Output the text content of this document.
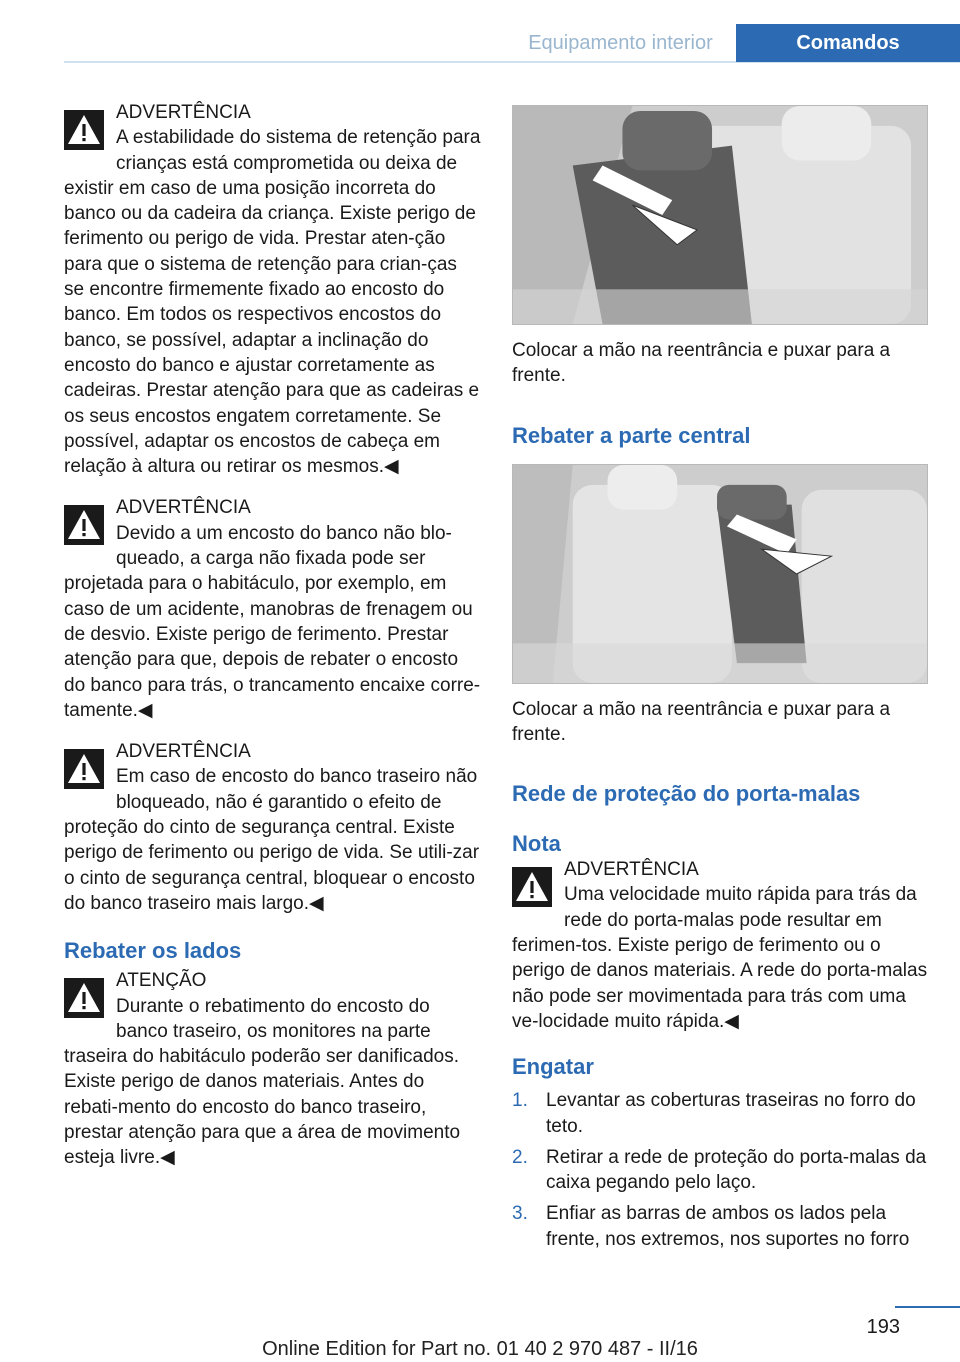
Equipamento interior	Comandos
ADVERTÊNCIA
A estabilidade do sistema de retenção para crianças está comprometida ou deixa de existir em caso de uma posição incorreta do banco ou da cadeira da criança. Existe perigo de ferimento ou perigo de vida. Prestar aten‐ção para que o sistema de retenção para crian‐ças se encontre firmemente fixado ao encosto do banco. Em todos os respectivos encostos do banco, se possível, adaptar a inclinação do encosto do banco e ajustar corretamente as cadeiras. Prestar atenção para que as cadeiras e os seus encostos engatem corretamente. Se possível, adaptar os encostos de cabeça em relação à altura ou retirar os mesmos.◀
ADVERTÊNCIA
Devido a um encosto do banco não blo‐queado, a carga não fixada pode ser projetada para o habitáculo, por exemplo, em caso de um acidente, manobras de frenagem ou de desvio. Existe perigo de ferimento. Prestar atenção para que, depois de rebater o encosto do banco para trás, o trancamento encaixe corre‐tamente.◀
ADVERTÊNCIA
Em caso de encosto do banco traseiro não bloqueado, não é garantido o efeito de proteção do cinto de segurança central. Existe perigo de ferimento ou perigo de vida. Se utili‐zar o cinto de segurança central, bloquear o encosto do banco traseiro mais largo.◀
Rebater os lados
ATENÇÃO
Durante o rebatimento do encosto do banco traseiro, os monitores na parte traseira do habitáculo poderão ser danificados. Existe perigo de danos materiais. Antes do rebati‐mento do encosto do banco traseiro, prestar atenção para que a área de movimento esteja livre.◀

Colocar a mão na reentrância e puxar para a frente.

Rebater a parte central

Colocar a mão na reentrância e puxar para a frente.

Rede de proteção do porta-malas
Nota
ADVERTÊNCIA
Uma velocidade muito rápida para trás da rede do porta-malas pode resultar em ferimen‐tos. Existe perigo de ferimento ou o perigo de danos materiais. A rede do porta-malas não pode ser movimentada para trás com uma ve‐locidade muito rápida.◀
Engatar
1. Levantar as coberturas traseiras no forro do teto.
2. Retirar a rede de proteção do porta-malas da caixa pegando pelo laço.
3. Enfiar as barras de ambos os lados pela frente, nos extremos, nos suportes no forro
193
Online Edition for Part no. 01 40 2 970 487 - II/16
